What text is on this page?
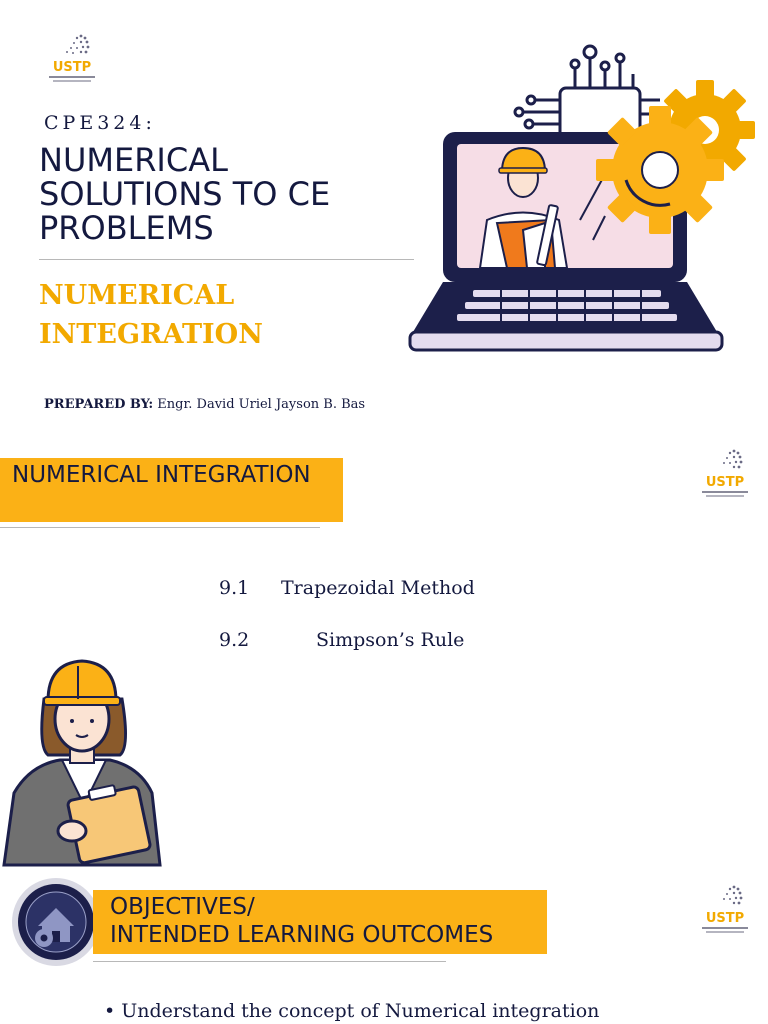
USTP
CPE324:
NUMERICAL SOLUTIONS TO CE PROBLEMS
NUMERICAL INTEGRATION
PREPARED BY: Engr. David Uriel Jayson B. Bas
NUMERICAL INTEGRATION	USTP
9.1 Trapezoidal Method
9.2	Simpson’s Rule
OBJECTIVES/
INTENDED LEARNING OUTCOMES
USTP
• Understand the concept of Numerical integration
